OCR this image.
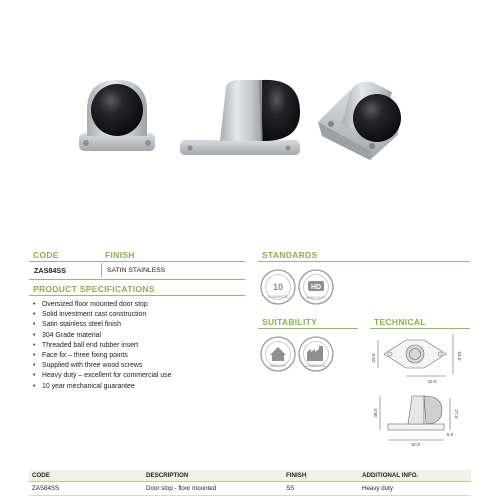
CODE	FINISH
ZAS84SS	SATIN STAINLESS
PRODUCT SPECIFICATIONS
• Oversized floor mounted door stop
• Solid investment cast construction
• Satin stainless steel finish
• 304 Grade material
• Threaded ball end rubber insert
• Face fix – three fixing points
• Supplied with three wood screws
• Heavy duty – excellent for commercial use
• 10 year mechanical guarantee
STANDARDS
10
GUARANTEE
HD
HEAVY DUTY
SUITABILITY
DOMESTIC	COMMERCIAL
TECHNICAL
29.0	51.0
22.0
38.0	27.0
5.0
60.0
CODE	DESCRIPTION	FINISH	ADDITIONAL INFO.
ZAS84SS	Door stop - floor mounted	SS	Heavy duty
